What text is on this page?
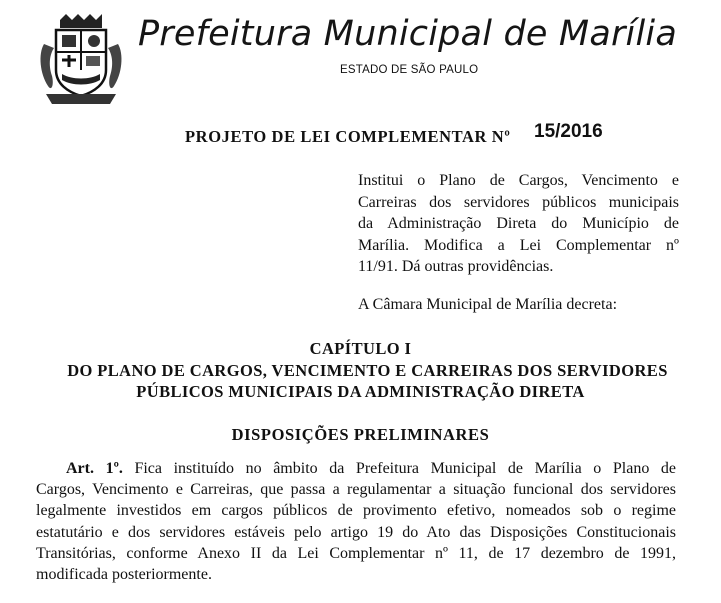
Prefeitura Municipal de Marília
ESTADO DE SÃO PAULO
PROJETO DE LEI COMPLEMENTAR Nº 15/2016
Institui o Plano de Cargos, Vencimento e
Carreiras dos servidores públicos municipais
da Administração Direta do Município de
Marília. Modifica a Lei Complementar nº
11/91. Dá outras providências.
A Câmara Municipal de Marília decreta:
CAPÍTULO I
DO PLANO DE CARGOS, VENCIMENTO E CARREIRAS DOS SERVIDORES
PÚBLICOS MUNICIPAIS DA ADMINISTRAÇÃO DIRETA
DISPOSIÇÕES PRELIMINARES
Art. 1º. Fica instituído no âmbito da Prefeitura Municipal de Marília o Plano de
Cargos, Vencimento e Carreiras, que passa a regulamentar a situação funcional dos servidores
legalmente investidos em cargos públicos de provimento efetivo, nomeados sob o regime
estatutário e dos servidores estáveis pelo artigo 19 do Ato das Disposições Constitucionais
Transitórias, conforme Anexo II da Lei Complementar nº 11, de 17 dezembro de 1991,
modificada posteriormente.
